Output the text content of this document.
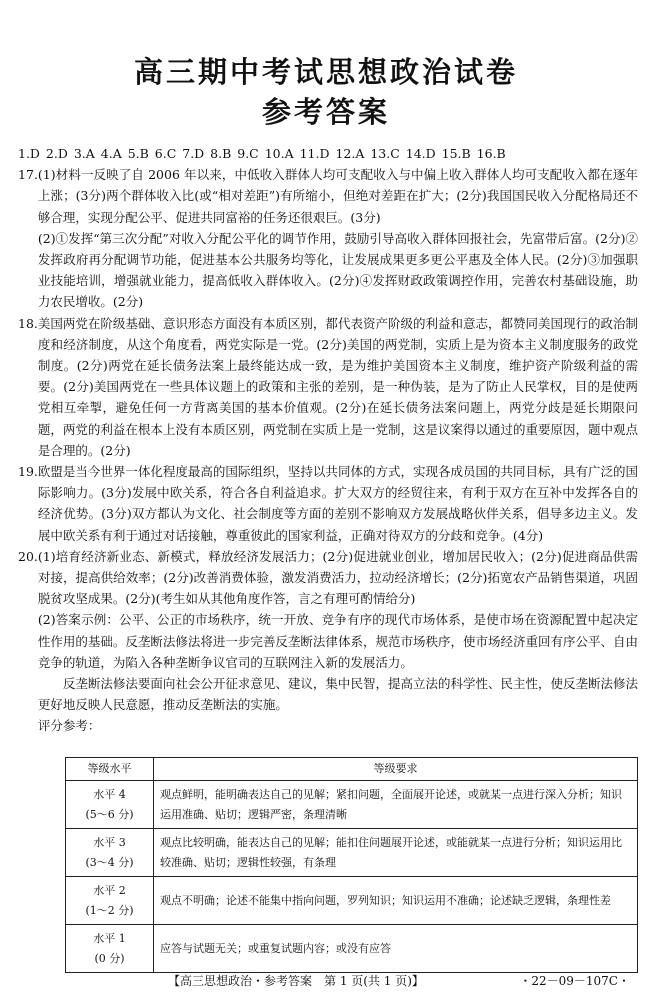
高三期中考试思想政治试卷
参考答案

1.D 2.D 3.A 4.A 5.B 6.C 7.D 8.B 9.C 10.A 11.D 12.A 13.C 14.D 15.B 16.B

17. (1)材料一反映了自 2006 年以来，中低收入群体人均可支配收入与中偏上收入群体人均可支配收入都在逐年上涨；(3分)两个群体收入比(或“相对差距”)有所缩小，但绝对差距在扩大；(2分)我国国民收入分配格局还不够合理，实现分配公平、促进共同富裕的任务还很艰巨。(3分)

(2)①发挥“第三次分配”对收入分配公平化的调节作用，鼓励引导高收入群体回报社会，先富带后富。(2分)②发挥政府再分配调节功能，促进基本公共服务均等化，让发展成果更多更公平惠及全体人民。(2分)③加强职业技能培训，增强就业能力，提高低收入群体收入。(2分)④发挥财政政策调控作用，完善农村基础设施，助力农民增收。(2分)

18. 美国两党在阶级基础、意识形态方面没有本质区别，都代表资产阶级的利益和意志，都赞同美国现行的政治制度和经济制度，从这个角度看，两党实际是一党。(2分)美国的两党制，实质上是为资本主义制度服务的政党制度。(2分)两党在延长债务法案上最终能达成一致，是为维护美国资本主义制度，维护资产阶级利益的需要。(2分)美国两党在一些具体议题上的政策和主张的差别，是一种伪装，是为了防止人民掌权，目的是使两党相互牵掣，避免任何一方背离美国的基本价值观。(2分)在延长债务法案问题上，两党分歧是延长期限问题，两党的利益在根本上没有本质区别，两党制在实质上是一党制，这是议案得以通过的重要原因，题中观点是合理的。(2分)

19. 欧盟是当今世界一体化程度最高的国际组织，坚持以共同体的方式，实现各成员国的共同目标，具有广泛的国际影响力。(3分)发展中欧关系，符合各自利益追求。扩大双方的经贸往来，有利于双方在互补中发挥各自的经济优势。(3分)双方都认为文化、社会制度等方面的差别不影响双方发展战略伙伴关系，倡导多边主义。发展中欧关系有利于通过对话接触，尊重彼此的国家利益，正确对待双方的分歧和竞争。(4分)

20. (1)培育经济新业态、新模式，释放经济发展活力；(2分)促进就业创业，增加居民收入；(2分)促进商品供需对接，提高供给效率；(2分)改善消费体验，激发消费活力，拉动经济增长；(2分)拓宽农产品销售渠道，巩固脱贫攻坚成果。(2分)(考生如从其他角度作答，言之有理可酌情给分)

(2)答案示例：公平、公正的市场秩序，统一开放、竞争有序的现代市场体系，是使市场在资源配置中起决定性作用的基础。反垄断法修法将进一步完善反垄断法律体系，规范市场秩序，使市场经济重回有序公平、自由竞争的轨道，为陷入各种垄断争议官司的互联网注入新的发展活力。

反垄断法修法要面向社会公开征求意见、建议，集中民智，提高立法的科学性、民主性，使反垄断法修法更好地反映人民意愿，推动反垄断法的实施。

评分参考：

等级水平	等级要求

水平 4
(5～6 分)	观点鲜明，能明确表达自己的见解；紧扣问题，全面展开论述，或就某一点进行深入分析；知识运用准确、贴切；逻辑严密，条理清晰

水平 3
(3～4 分)	观点比较明确，能表达自己的见解；能扣住问题展开论述，或能就某一点进行分析；知识运用比较准确、贴切；逻辑性较强，有条理

水平 2
(1～2 分)	观点不明确；论述不能集中指向问题，罗列知识；知识运用不准确；论述缺乏逻辑，条理性差

水平 1
(0 分)	应答与试题无关；或重复试题内容；或没有应答
【高三思想政治・参考答案　第 1 页(共 1 页)】	・22－09－107C・
